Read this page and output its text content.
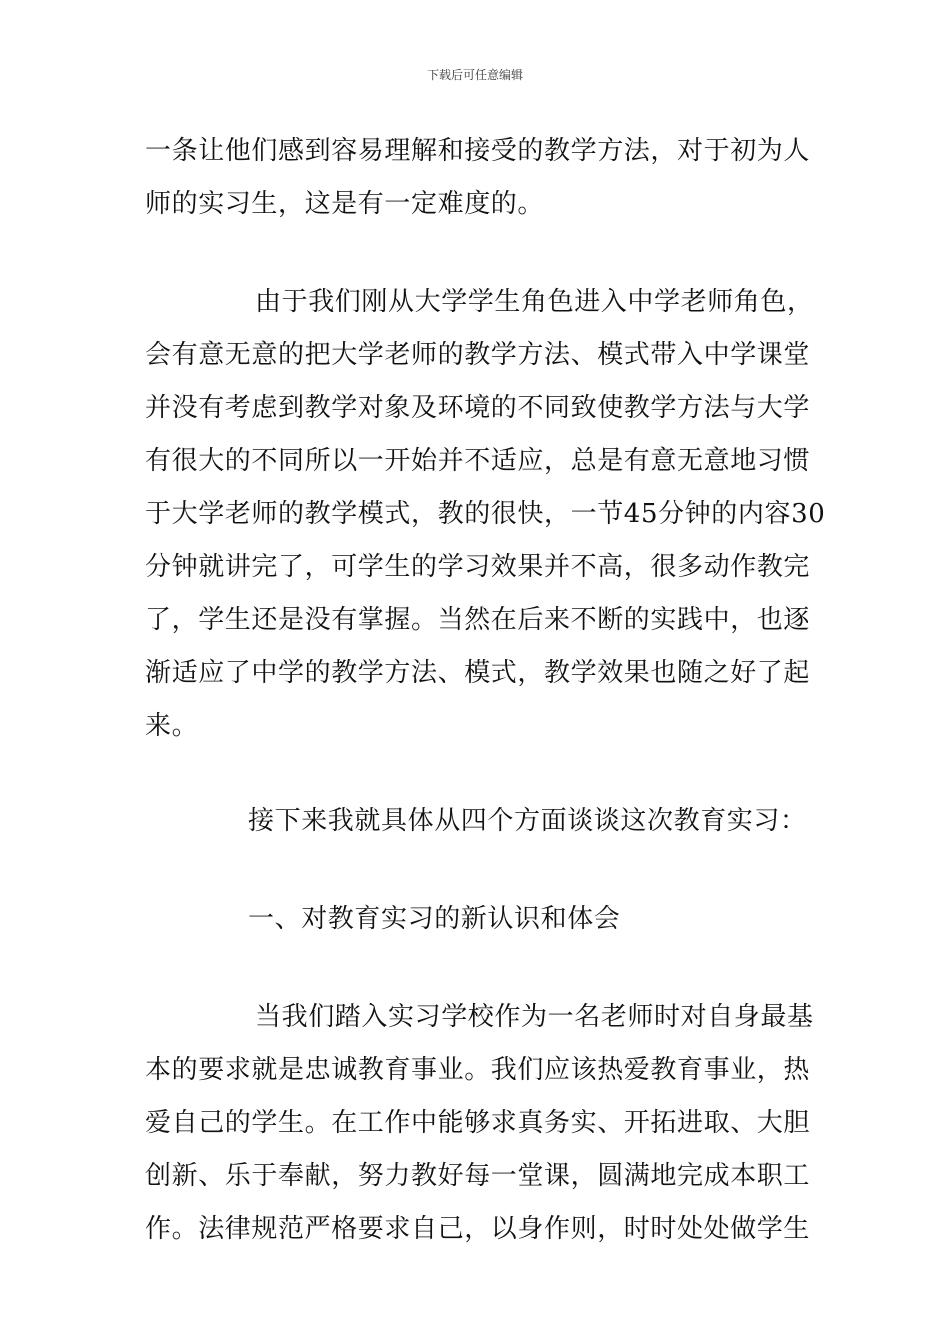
下载后可任意编辑
一条让他们感到容易理解和接受的教学方法，对于初为人
师的实习生，这是有一定难度的。
由于我们刚从大学学生角色进入中学老师角色，
会有意无意的把大学老师的教学方法、模式带入中学课堂
并没有考虑到教学对象及环境的不同致使教学方法与大学
有很大的不同所以一开始并不适应，总是有意无意地习惯
于大学老师的教学模式，教的很快，一节45分钟的内容30
分钟就讲完了，可学生的学习效果并不高，很多动作教完
了，学生还是没有掌握。当然在后来不断的实践中，也逐
渐适应了中学的教学方法、模式，教学效果也随之好了起
来。
接下来我就具体从四个方面谈谈这次教育实习：
一、对教育实习的新认识和体会
当我们踏入实习学校作为一名老师时对自身最基
本的要求就是忠诚教育事业。我们应该热爱教育事业，热
爱自己的学生。在工作中能够求真务实、开拓进取、大胆
创新、乐于奉献，努力教好每一堂课，圆满地完成本职工
作。法律规范严格要求自己，以身作则，时时处处做学生
